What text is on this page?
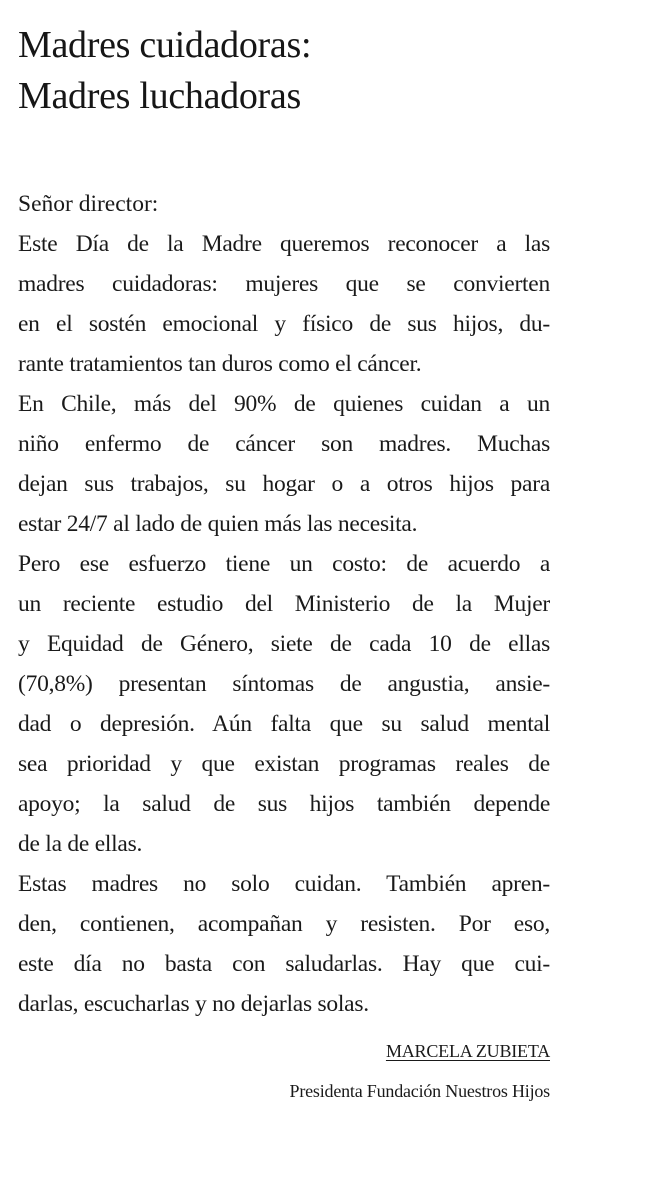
Madres cuidadoras:
Madres luchadoras
Señor director:
Este Día de la Madre queremos reconocer a las
madres cuidadoras: mujeres que se convierten
en el sostén emocional y físico de sus hijos, du-
rante tratamientos tan duros como el cáncer.
En Chile, más del 90% de quienes cuidan a un
niño enfermo de cáncer son madres. Muchas
dejan sus trabajos, su hogar o a otros hijos para
estar 24/7 al lado de quien más las necesita.
Pero ese esfuerzo tiene un costo: de acuerdo a
un reciente estudio del Ministerio de la Mujer
y Equidad de Género, siete de cada 10 de ellas
(70,8%) presentan síntomas de angustia, ansie-
dad o depresión. Aún falta que su salud mental
sea prioridad y que existan programas reales de
apoyo; la salud de sus hijos también depende
de la de ellas.
Estas madres no solo cuidan. También apren-
den, contienen, acompañan y resisten. Por eso,
este día no basta con saludarlas. Hay que cui-
darlas, escucharlas y no dejarlas solas.
MARCELA ZUBIETA
Presidenta Fundación Nuestros Hijos
